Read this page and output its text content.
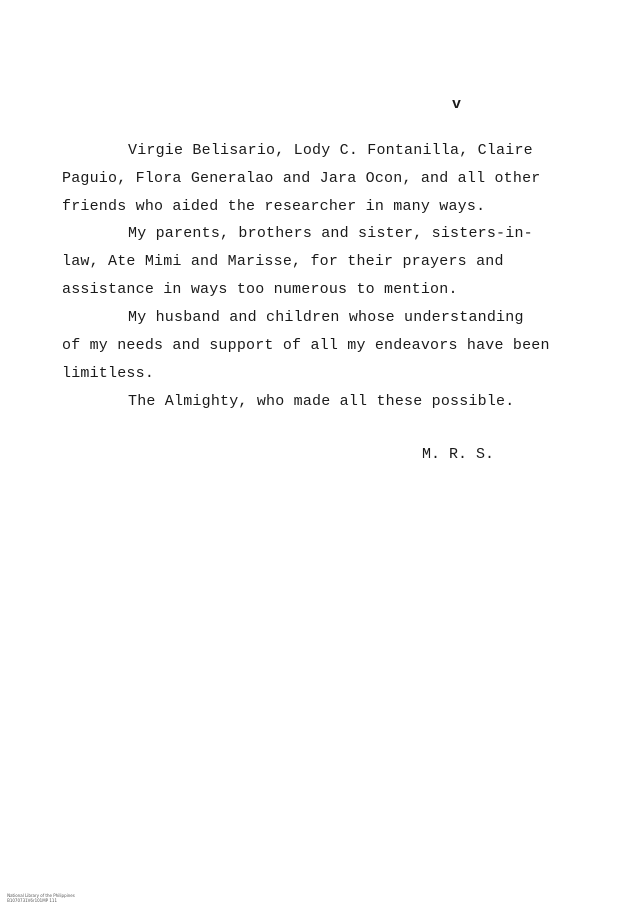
v
Virgie Belisario, Lody C. Fontanilla, Claire
Paguio, Flora Generalao and Jara Ocon, and all other
friends who aided the researcher in many ways.
My parents, brothers and sister, sisters-in-
law, Ate Mimi and Marisse, for their prayers and
assistance in ways too numerous to mention.
My husband and children whose understanding
of my needs and support of all my endeavors have been
limitless.
The Almighty, who made all these possible.
M. R. S.

National Library of the Philippines
B1070731V6r101MP 111
